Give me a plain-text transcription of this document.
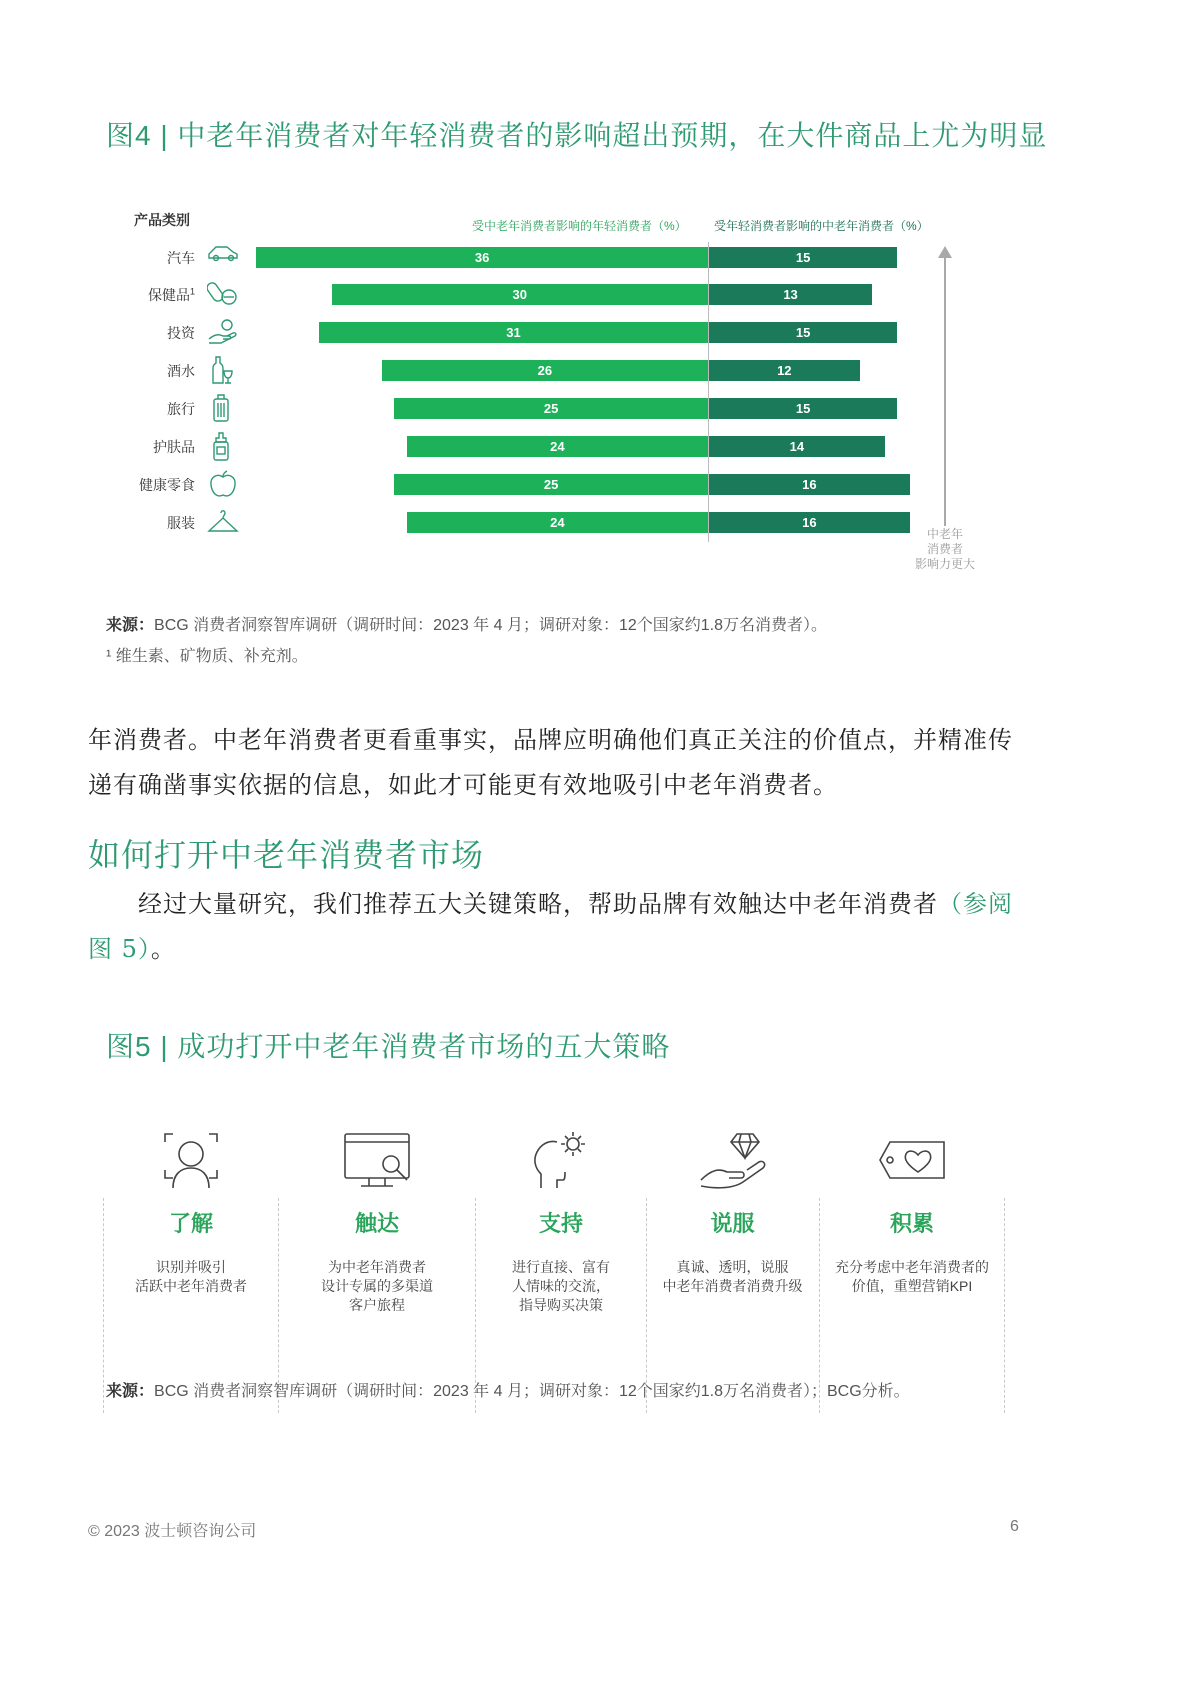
图4 | 中老年消费者对年轻消费者的影响超出预期，在大件商品上尤为明显
产品类别	受中老年消费者影响的年轻消费者（%） 受年轻消费者影响的中老年消费者（%）
中老年
消费者
影响力更大
汽车	36	15
保健品$^1$	30	13
投资	31	15
酒水	26	12
旅行	25	15
护肤品	24	14
健康零食	25	16
服装	24	16
来源：BCG 消费者洞察智库调研（调研时间：2023 年 4 月；调研对象：12个国家约1.8万名消费者）。
¹ 维生素、矿物质、补充剂。
年消费者。中老年消费者更看重事实，品牌应明确他们真正关注的价值点，并精准传
递有确凿事实依据的信息，如此才可能更有效地吸引中老年消费者。
如何打开中老年消费者市场
经过大量研究，我们推荐五大关键策略，帮助品牌有效触达中老年消费者（参阅图 5）。
图5 | 成功打开中老年消费者市场的五大策略
了解
识别并吸引
活跃中老年消费者
触达
为中老年消费者
设计专属的多渠道
客户旅程
支持
进行直接、富有
人情味的交流，
指导购买决策
说服
真诚、透明，说服
中老年消费者消费升级
积累
充分考虑中老年消费者的
价值，重塑营销KPI
来源：BCG 消费者洞察智库调研（调研时间：2023 年 4 月；调研对象：12个国家约1.8万名消费者）；BCG分析。
© 2023 波士顿咨询公司	6
